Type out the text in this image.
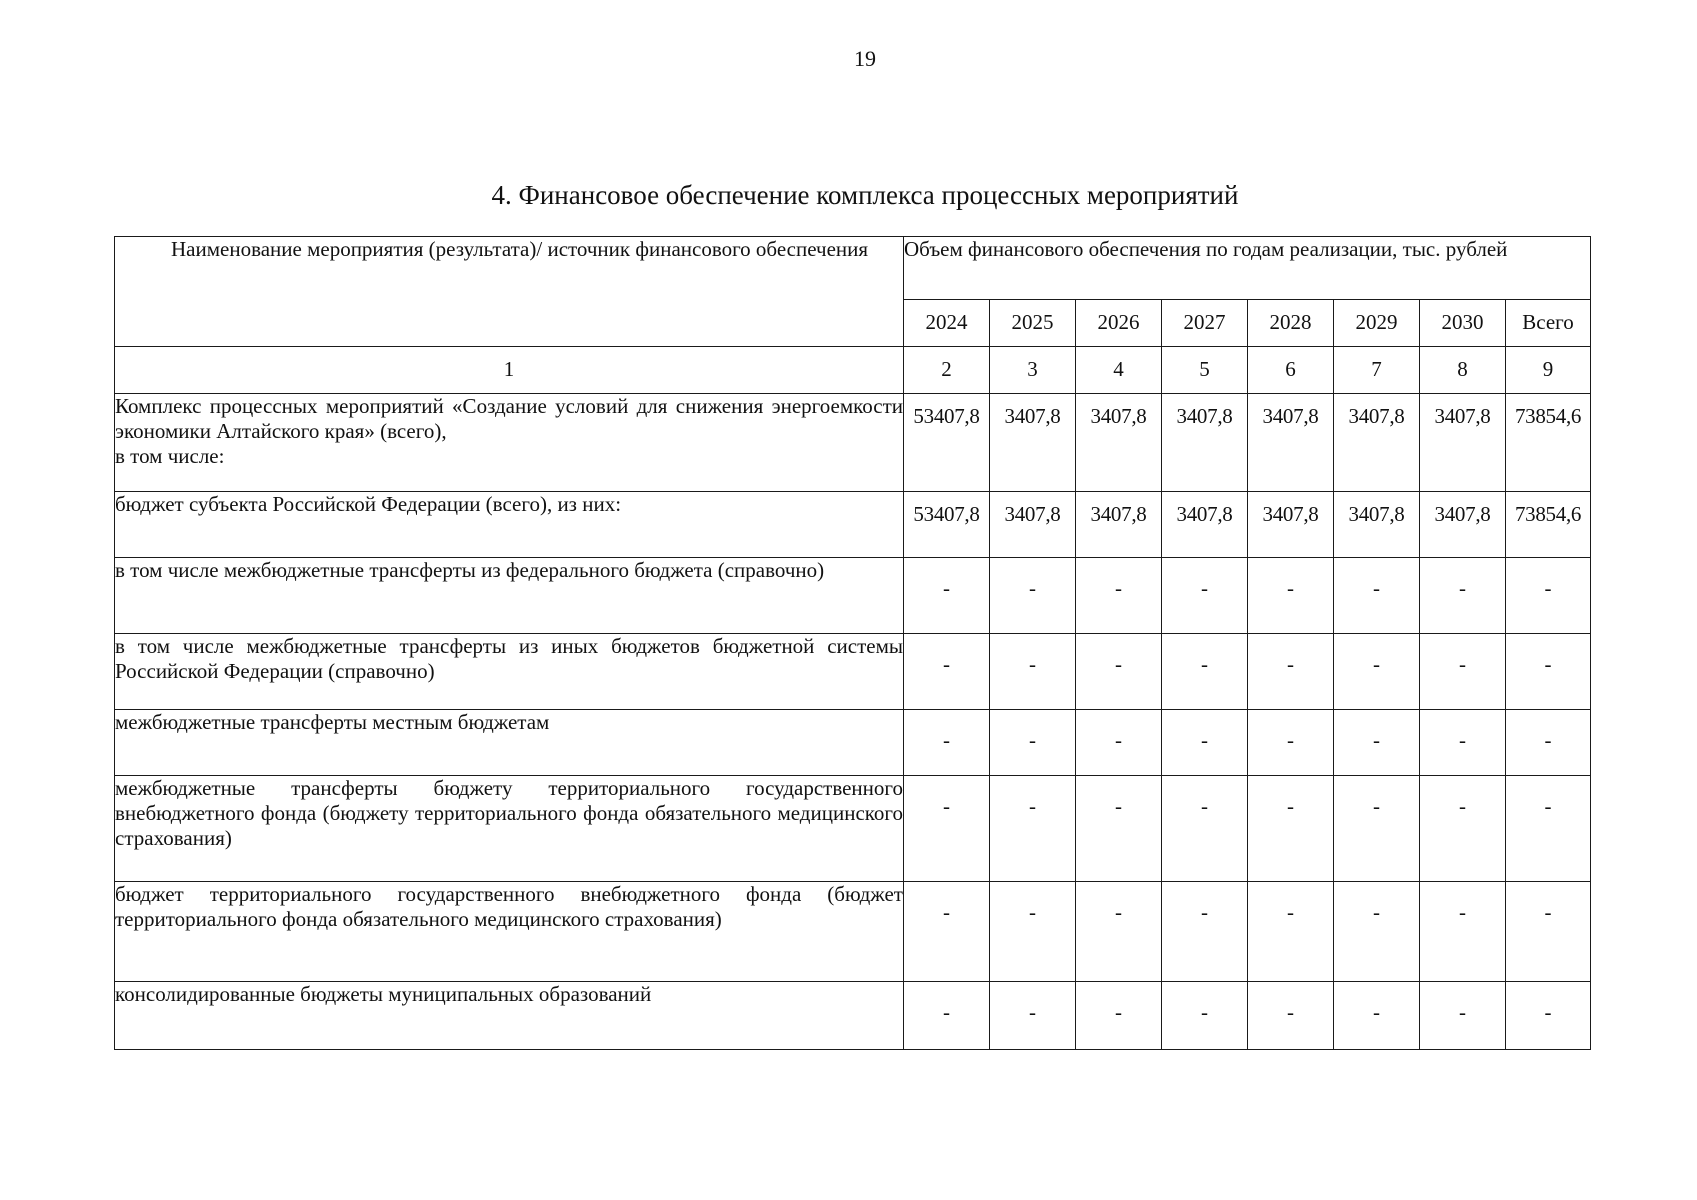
19
4. Финансовое обеспечение комплекса процессных мероприятий
Наименование мероприятия (результата)/ источник финансового обеспечения	Объем финансового обеспечения по годам реализации, тыс. рублей							
	2024	2025	2026	2027	2028	2029	2030	Всего
1	2	3	4	5	6	7	8	9
Комплекс процессных мероприятий «Создание условий для снижения энергоемкости экономики Алтайского края» (всего),
в том числе:	53407,8	3407,8	3407,8	3407,8	3407,8	3407,8	3407,8	73854,6
бюджет субъекта Российской Федерации (всего), из них:	53407,8	3407,8	3407,8	3407,8	3407,8	3407,8	3407,8	73854,6
в том числе межбюджетные трансферты из федерального бюджета (справочно)	-	-	-	-	-	-	-	-
в том числе межбюджетные трансферты из иных бюджетов бюджетной системы Российской Федерации (справочно)	-	-	-	-	-	-	-	-
межбюджетные трансферты местным бюджетам	-	-	-	-	-	-	-	-
межбюджетные трансферты бюджету территориального государственного внебюджетного фонда (бюджету территориального фонда обязательного медицинского страхования)	-	-	-	-	-	-	-	-
бюджет территориального государственного внебюджетного фонда (бюджет территориального фонда обязательного медицинского страхования)	-	-	-	-	-	-	-	-
консолидированные бюджеты муниципальных образований	-	-	-	-	-	-	-	-
